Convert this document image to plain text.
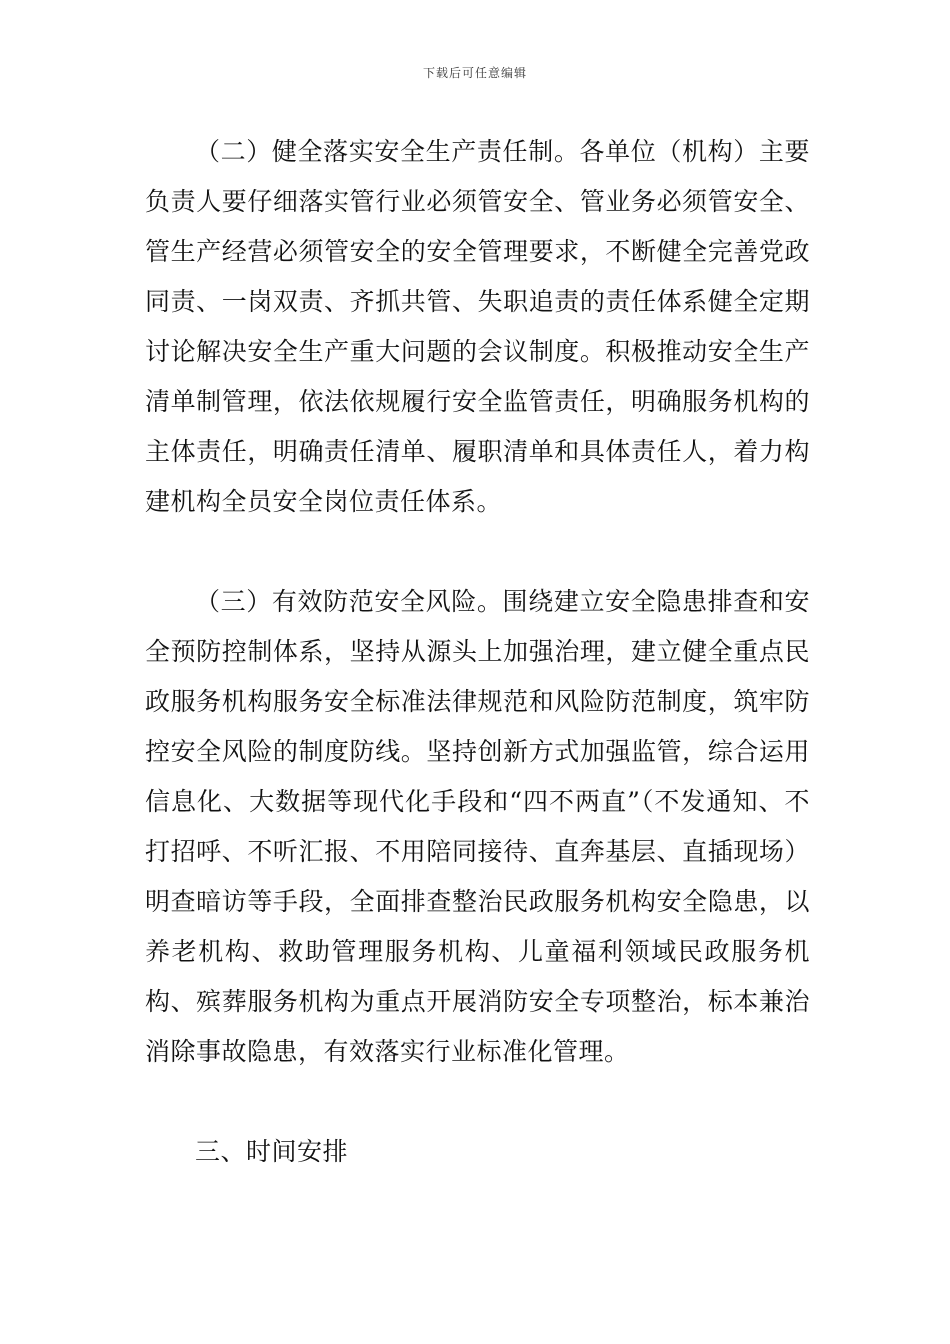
下载后可任意编辑

（二）健全落实安全生产责任制。各单位（机构）主要负责人要仔细落实管行业必须管安全、管业务必须管安全、管生产经营必须管安全的安全管理要求，不断健全完善党政同责、一岗双责、齐抓共管、失职追责的责任体系健全定期讨论解决安全生产重大问题的会议制度。积极推动安全生产清单制管理，依法依规履行安全监管责任，明确服务机构的主体责任，明确责任清单、履职清单和具体责任人，着力构建机构全员安全岗位责任体系。

（三）有效防范安全风险。围绕建立安全隐患排查和安全预防控制体系，坚持从源头上加强治理，建立健全重点民政服务机构服务安全标准法律规范和风险防范制度，筑牢防控安全风险的制度防线。坚持创新方式加强监管，综合运用信息化、大数据等现代化手段和“四不两直”（不发通知、不打招呼、不听汇报、不用陪同接待、直奔基层、直插现场）明查暗访等手段，全面排查整治民政服务机构安全隐患，以养老机构、救助管理服务机构、儿童福利领域民政服务机构、殡葬服务机构为重点开展消防安全专项整治，标本兼治消除事故隐患，有效落实行业标准化管理。

三、时间安排
